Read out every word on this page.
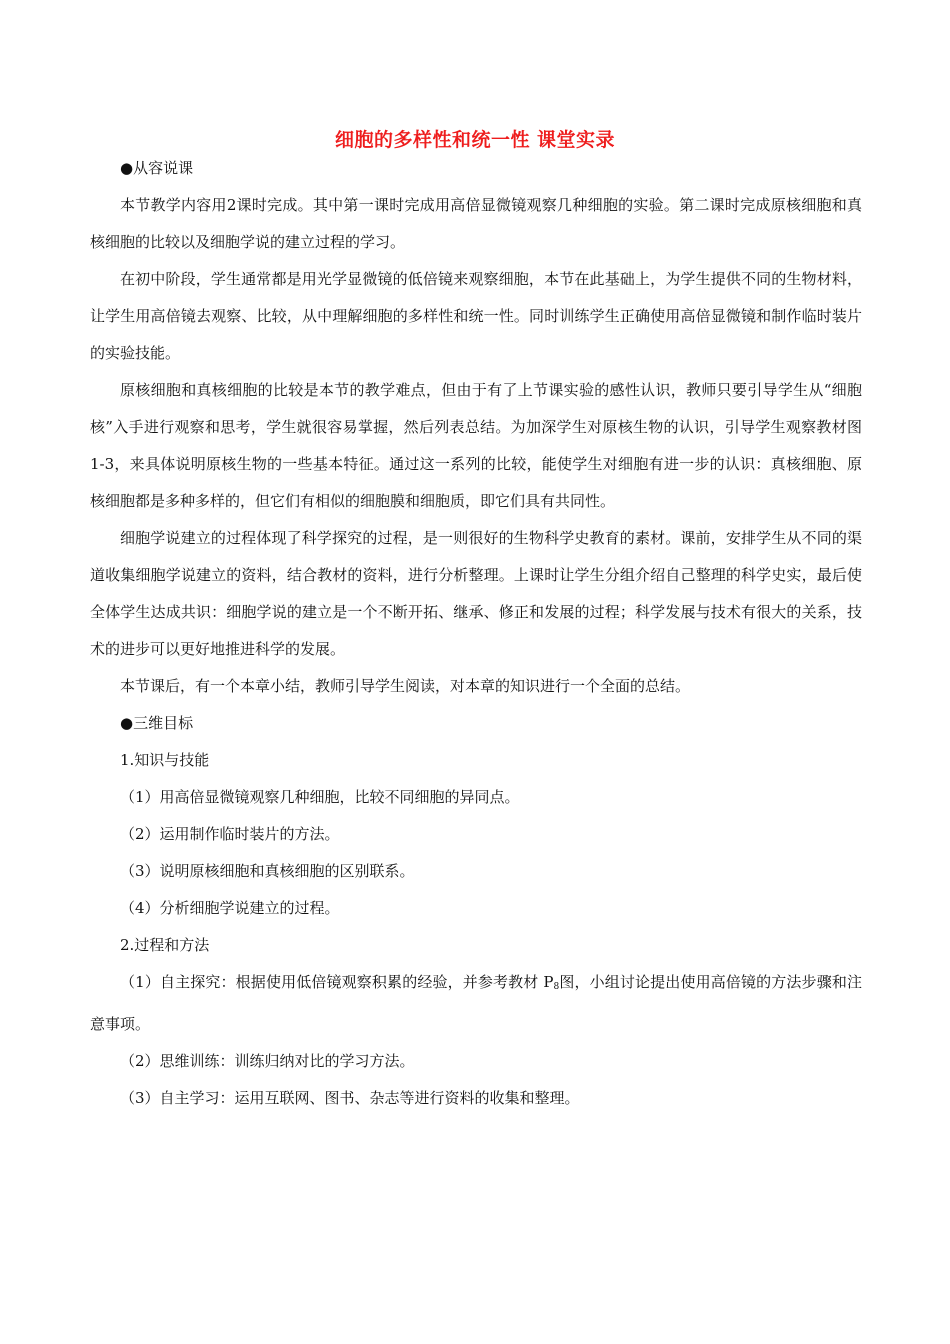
细胞的多样性和统一性 课堂实录

●从容说课

本节教学内容用2课时完成。其中第一课时完成用高倍显微镜观察几种细胞的实验。第二课时完成原核细胞和真核细胞的比较以及细胞学说的建立过程的学习。

在初中阶段，学生通常都是用光学显微镜的低倍镜来观察细胞，本节在此基础上，为学生提供不同的生物材料，让学生用高倍镜去观察、比较，从中理解细胞的多样性和统一性。同时训练学生正确使用高倍显微镜和制作临时装片的实验技能。

原核细胞和真核细胞的比较是本节的教学难点，但由于有了上节课实验的感性认识，教师只要引导学生从“细胞核”入手进行观察和思考，学生就很容易掌握，然后列表总结。为加深学生对原核生物的认识，引导学生观察教材图1-3，来具体说明原核生物的一些基本特征。通过这一系列的比较，能使学生对细胞有进一步的认识：真核细胞、原核细胞都是多种多样的，但它们有相似的细胞膜和细胞质，即它们具有共同性。

细胞学说建立的过程体现了科学探究的过程，是一则很好的生物科学史教育的素材。课前，安排学生从不同的渠道收集细胞学说建立的资料，结合教材的资料，进行分析整理。上课时让学生分组介绍自己整理的科学史实，最后使全体学生达成共识：细胞学说的建立是一个不断开拓、继承、修正和发展的过程；科学发展与技术有很大的关系，技术的进步可以更好地推进科学的发展。

本节课后，有一个本章小结，教师引导学生阅读，对本章的知识进行一个全面的总结。

●三维目标

1.知识与技能

（1）用高倍显微镜观察几种细胞，比较不同细胞的异同点。

（2）运用制作临时装片的方法。

（3）说明原核细胞和真核细胞的区别联系。

（4）分析细胞学说建立的过程。

2.过程和方法

（1）自主探究：根据使用低倍镜观察积累的经验，并参考教材 $P_8$图，小组讨论提出使用高倍镜的方法步骤和注意事项。

（2）思维训练：训练归纳对比的学习方法。

（3）自主学习：运用互联网、图书、杂志等进行资料的收集和整理。
